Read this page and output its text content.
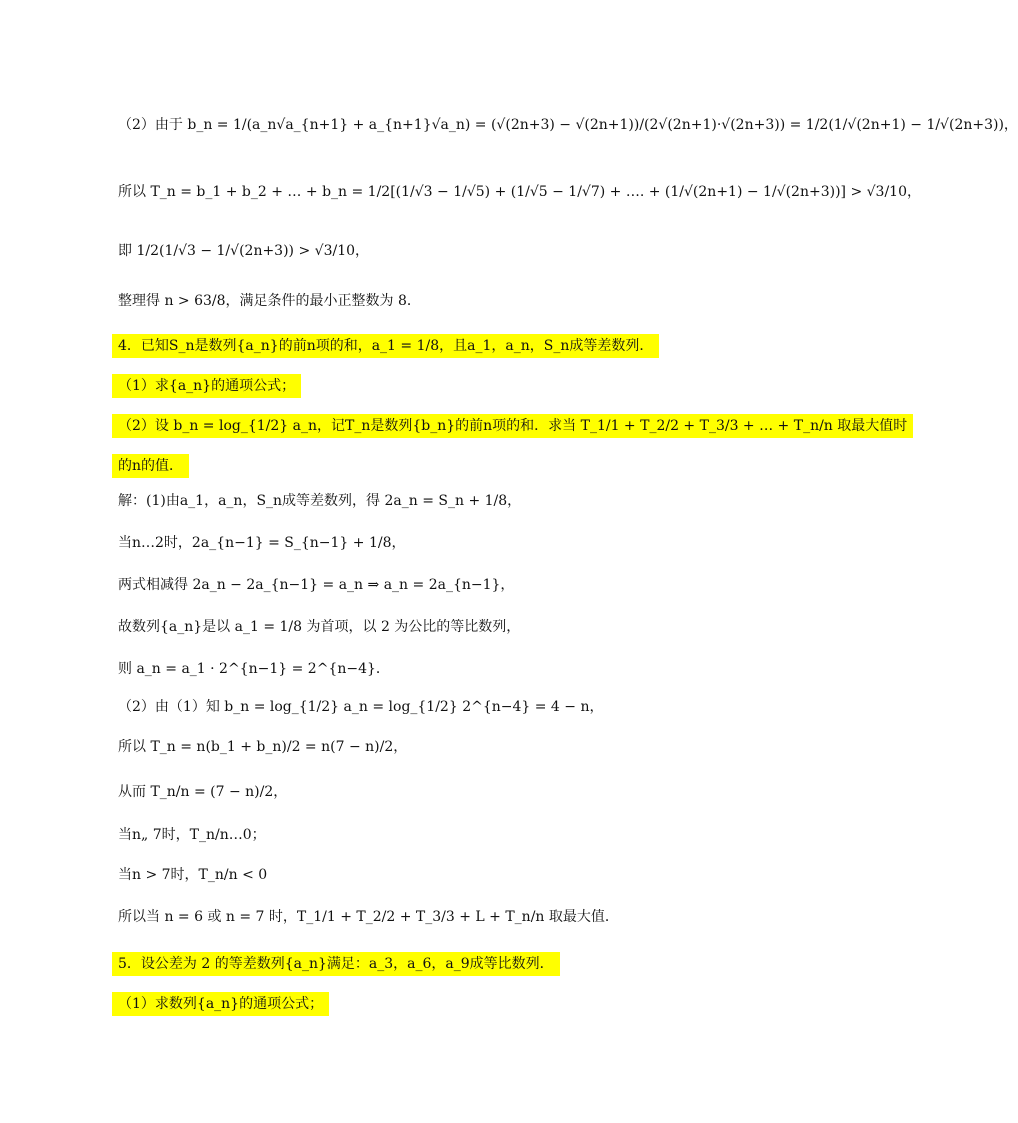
（2）由于 b_n = 1/(a_n√a_{n+1} + a_{n+1}√a_n) = (√(2n+3) − √(2n+1))/(2√(2n+1)·√(2n+3)) = 1/2(1/√(2n+1) − 1/√(2n+3))，
所以 T_n = b_1 + b_2 + … + b_n = 1/2[(1/√3 − 1/√5) + (1/√5 − 1/√7) + …. + (1/√(2n+1) − 1/√(2n+3))] > √3/10，
即 1/2(1/√3 − 1/√(2n+3)) > √3/10，
整理得 n > 63/8，满足条件的最小正整数为 8．
4．已知S_n是数列{a_n}的前n项的和，a_1 = 1/8，且a_1，a_n，S_n成等差数列．
（1）求{a_n}的通项公式；
（2）设 b_n = log_{1/2} a_n，记T_n是数列{b_n}的前n项的和．求当 T_1/1 + T_2/2 + T_3/3 + … + T_n/n 取最大值时
的n的值．
解：(1)由a_1，a_n，S_n成等差数列，得 2a_n = S_n + 1/8，
当n…2时，2a_{n−1} = S_{n−1} + 1/8，
两式相减得 2a_n − 2a_{n−1} = a_n ⇒ a_n = 2a_{n−1}，
故数列{a_n}是以 a_1 = 1/8 为首项，以 2 为公比的等比数列，
则 a_n = a_1 · 2^{n−1} = 2^{n−4}．
（2）由（1）知 b_n = log_{1/2} a_n = log_{1/2} 2^{n−4} = 4 − n，
所以 T_n = n(b_1 + b_n)/2 = n(7 − n)/2，
从而 T_n/n = (7 − n)/2，
当n„ 7时，T_n/n…0；
当n > 7时，T_n/n < 0
所以当 n = 6 或 n = 7 时，T_1/1 + T_2/2 + T_3/3 + L + T_n/n 取最大值．
5．设公差为 2 的等差数列{a_n}满足：a_3，a_6，a_9成等比数列．
（1）求数列{a_n}的通项公式；
